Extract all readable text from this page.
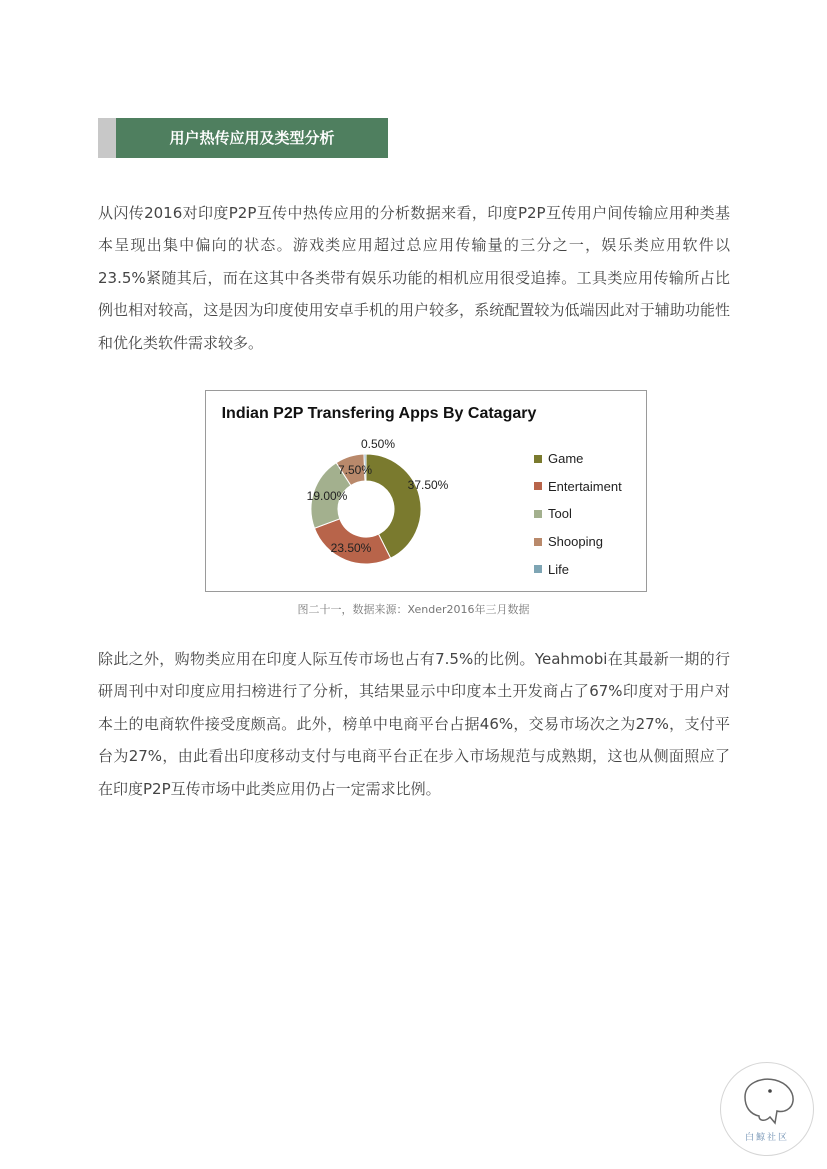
用户热传应用及类型分析

从闪传2016对印度P2P互传中热传应用的分析数据来看，印度P2P互传用户间传输应用种类基本呈现出集中偏向的状态。游戏类应用超过总应用传输量的三分之一，娱乐类应用软件以23.5%紧随其后，而在这其中各类带有娱乐功能的相机应用很受追捧。工具类应用传输所占比例也相对较高，这是因为印度使用安卓手机的用户较多，系统配置较为低端因此对于辅助功能性和优化类软件需求较多。

Indian P2P Transfering Apps By Catagary
37.50%
23.50%
19.00%
7.50%
0.50%
Game
Entertaiment
Tool
Shooping
Life
图二十一，数据来源：Xender2016年三月数据

除此之外，购物类应用在印度人际互传市场也占有7.5%的比例。Yeahmobi在其最新一期的行研周刊中对印度应用扫榜进行了分析，其结果显示中印度本土开发商占了67%印度对于用户对本土的电商软件接受度颇高。此外，榜单中电商平台占据46%，交易市场次之为27%，支付平台为27%，由此看出印度移动支付与电商平台正在步入市场规范与成熟期，这也从侧面照应了在印度P2P互传市场中此类应用仍占一定需求比例。

白鲸社区
